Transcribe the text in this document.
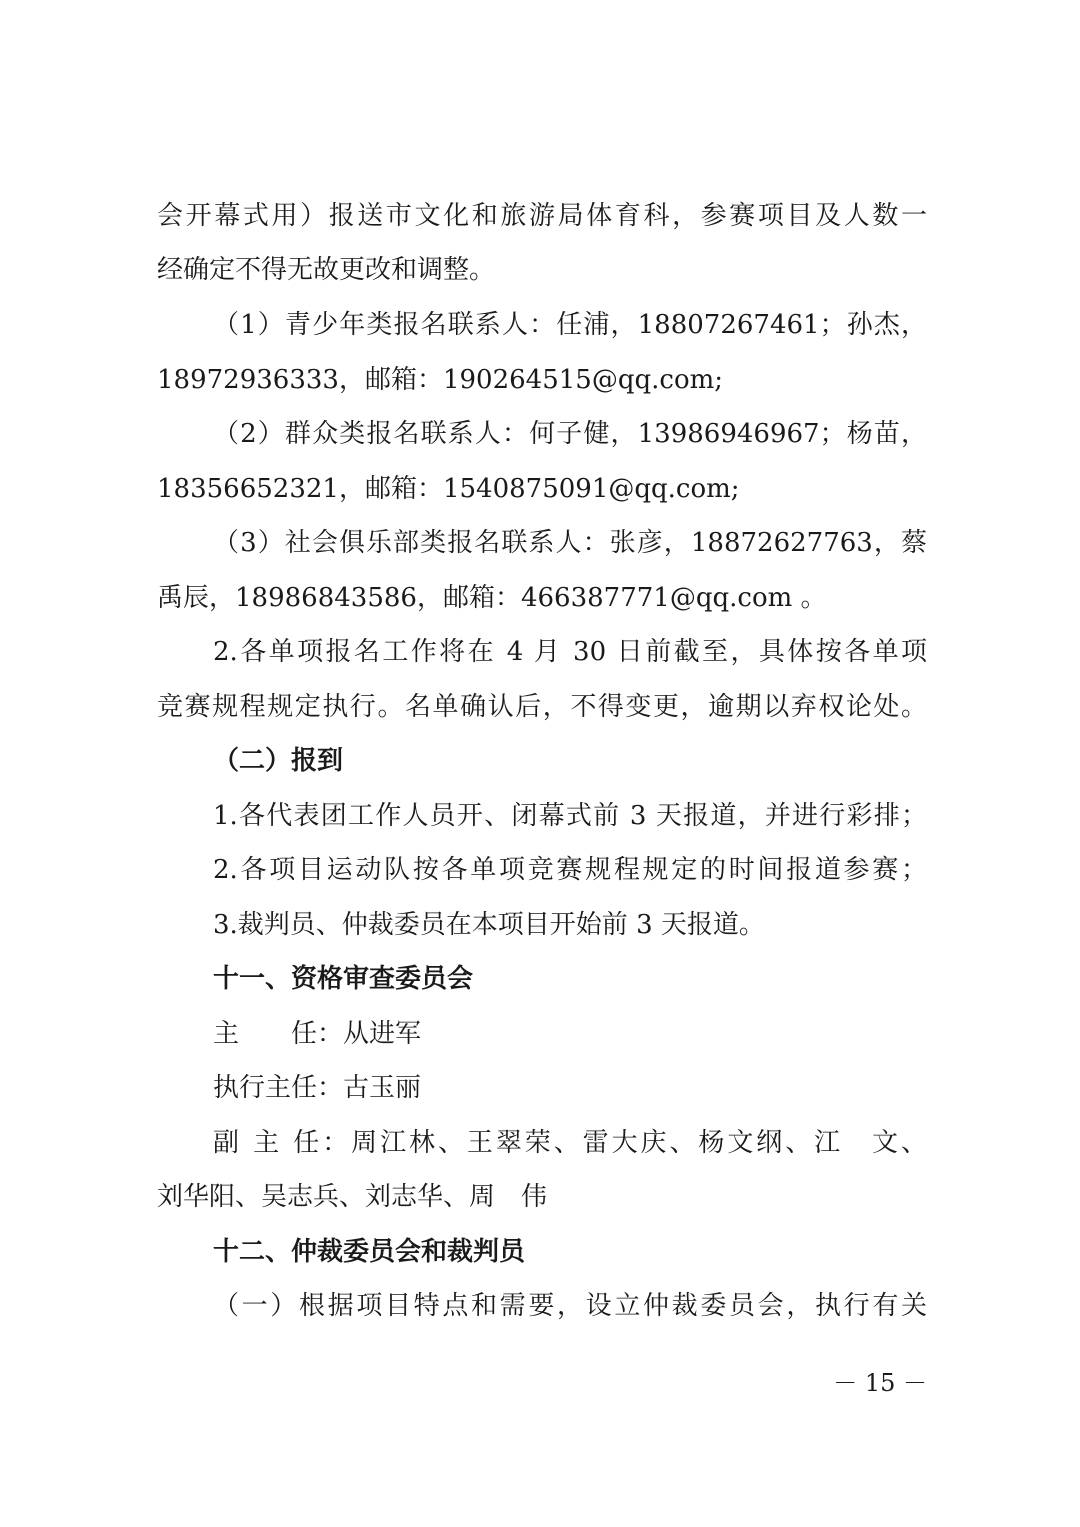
会开幕式用）报送市文化和旅游局体育科，参赛项目及人数一
经确定不得无故更改和调整。
（1）青少年类报名联系人：任浦，18807267461；孙杰，
18972936333，邮箱：190264515@qq.com;
（2）群众类报名联系人：何子健，13986946967；杨苗，
18356652321，邮箱：1540875091@qq.com;
（3）社会俱乐部类报名联系人：张彦，18872627763，蔡
禹辰，18986843586，邮箱：466387771@qq.com 。
2.各单项报名工作将在 4 月 30 日前截至，具体按各单项
竞赛规程规定执行。名单确认后，不得变更，逾期以弃权论处。
（二）报到
1.各代表团工作人员开、闭幕式前 3 天报道，并进行彩排；
2.各项目运动队按各单项竞赛规程规定的时间报道参赛；
3.裁判员、仲裁委员在本项目开始前 3 天报道。
十一、资格审查委员会
主　　任：从进军
执行主任：古玉丽
副 主 任：周江林、王翠荣、雷大庆、杨文纲、江　文、
刘华阳、吴志兵、刘志华、周　伟
十二、仲裁委员会和裁判员
（一）根据项目特点和需要，设立仲裁委员会，执行有关
－ 15 －
